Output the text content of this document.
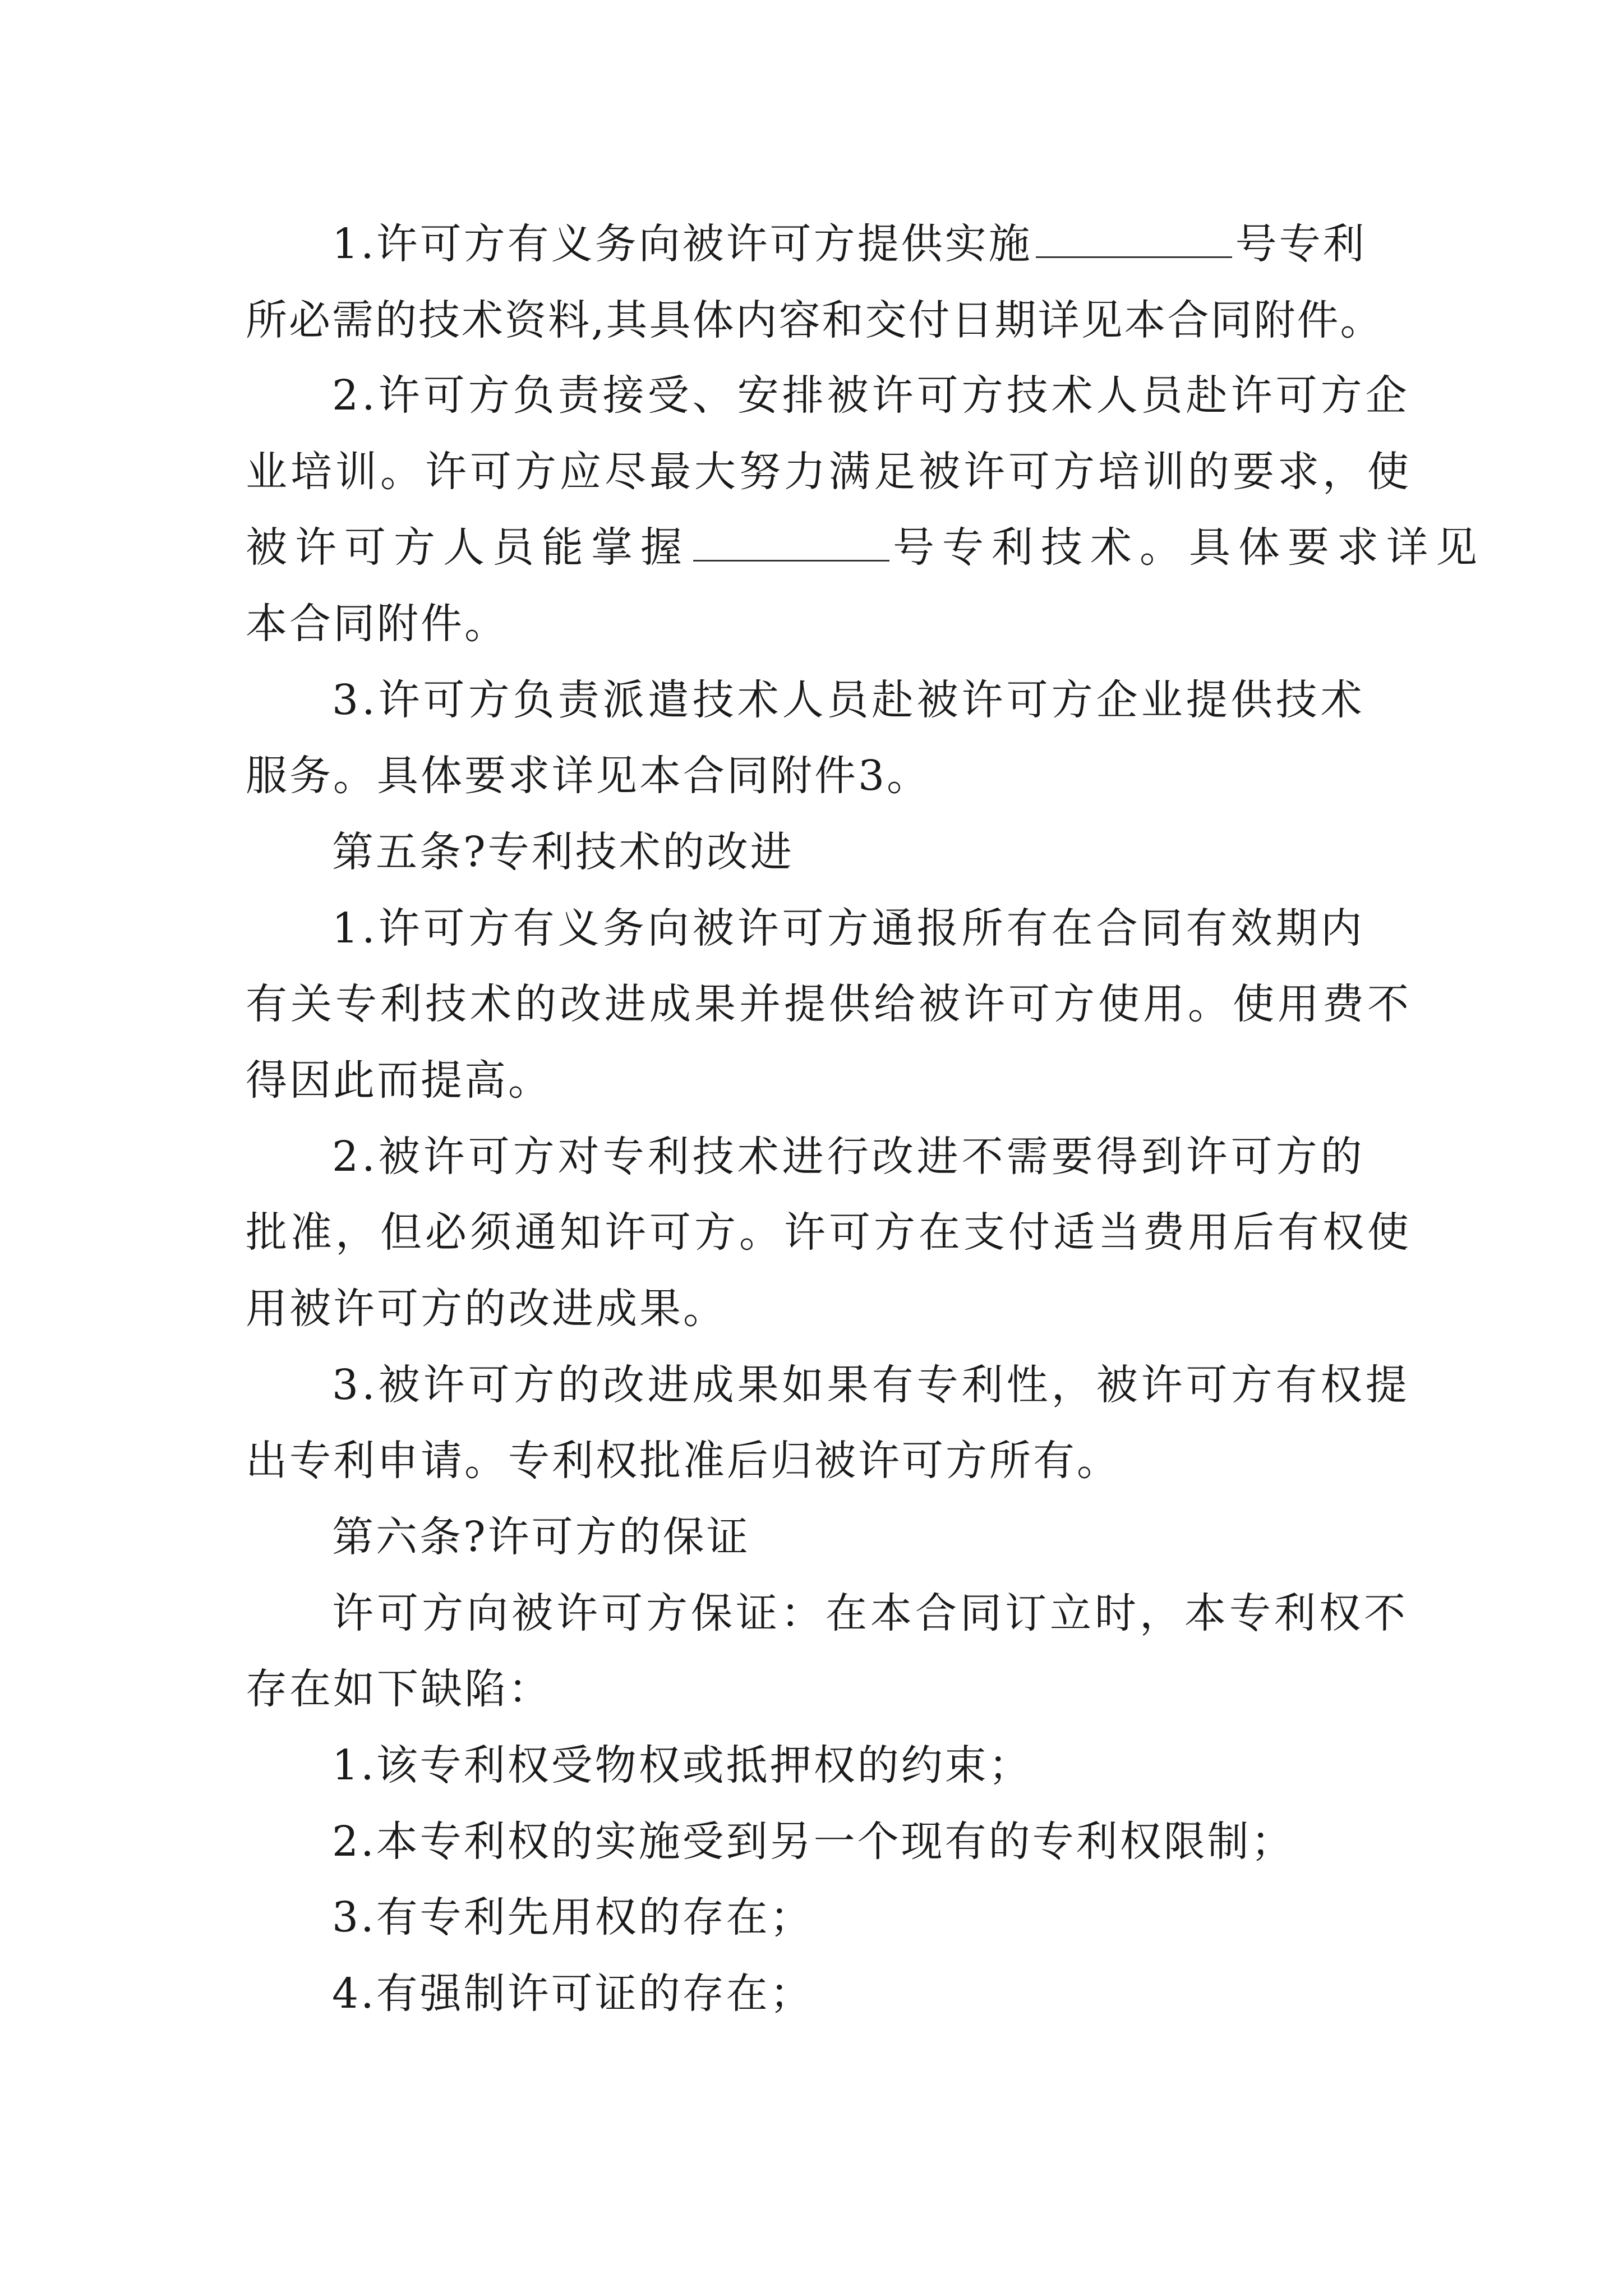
1.许可方有义务向被许可方提供实施	号专利
所必需的技术资料,其具体内容和交付日期详见本合同附件。
2.许可方负责接受、安排被许可方技术人员赴许可方企
业培训。许可方应尽最大努力满足被许可方培训的要求，使
被许可方人员能掌握	号专利技术。具体要求详见
本合同附件。
3.许可方负责派遣技术人员赴被许可方企业提供技术
服务。具体要求详见本合同附件3。
第五条?专利技术的改进
1.许可方有义务向被许可方通报所有在合同有效期内
有关专利技术的改进成果并提供给被许可方使用。使用费不
得因此而提高。
2.被许可方对专利技术进行改进不需要得到许可方的
批准，但必须通知许可方。许可方在支付适当费用后有权使
用被许可方的改进成果。
3.被许可方的改进成果如果有专利性，被许可方有权提
出专利申请。专利权批准后归被许可方所有。
第六条?许可方的保证
许可方向被许可方保证：在本合同订立时，本专利权不
存在如下缺陷：
1.该专利权受物权或抵押权的约束；
2.本专利权的实施受到另一个现有的专利权限制；
3.有专利先用权的存在；
4.有强制许可证的存在；
